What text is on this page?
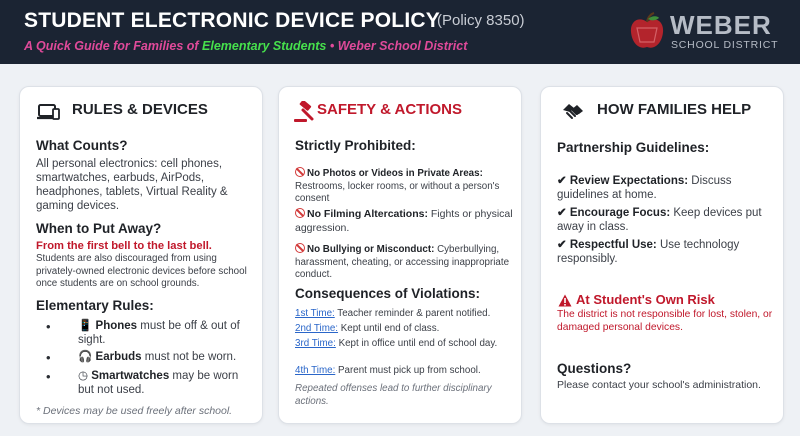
STUDENT ELECTRONIC DEVICE POLICY
(Policy 8350)
A Quick Guide for Families of Elementary Students • Weber School District
WEBER
SCHOOL DISTRICT
RULES & DEVICES
What Counts?
All personal electronics: cell phones, smartwatches, earbuds, AirPods, headphones, tablets, Virtual Reality & gaming devices.
When to Put Away?
From the first bell to the last bell.
Students are also discouraged from using privately-owned electronic devices before school once students are on school grounds.
Elementary Rules:
• 📱 Phones must be off & out of sight.
• 🎧 Earbuds must not be worn.
• ◷ Smartwatches may be worn but not used.
* Devices may be used freely after school.
SAFETY & ACTIONS
Strictly Prohibited:
No Photos or Videos in Private Areas:
Restrooms, locker rooms, or without a person's consent
No Filming Altercations: Fights or physical aggression.
No Bullying or Misconduct: Cyberbullying, harassment, cheating, or accessing inappropriate conduct.
Consequences of Violations:
1st Time: Teacher reminder & parent notified.
2nd Time: Kept until end of class.
3rd Time: Kept in office until end of school day.
4th Time: Parent must pick up from school.
Repeated offenses lead to further disciplinary actions.
HOW FAMILIES HELP
Partnership Guidelines:
✔ Review Expectations: Discuss guidelines at home.
✔ Encourage Focus: Keep devices put away in class.
✔ Respectful Use: Use technology responsibly.
At Student's Own Risk
The district is not responsible for lost, stolen, or damaged personal devices.
Questions?
Please contact your school's administration.
